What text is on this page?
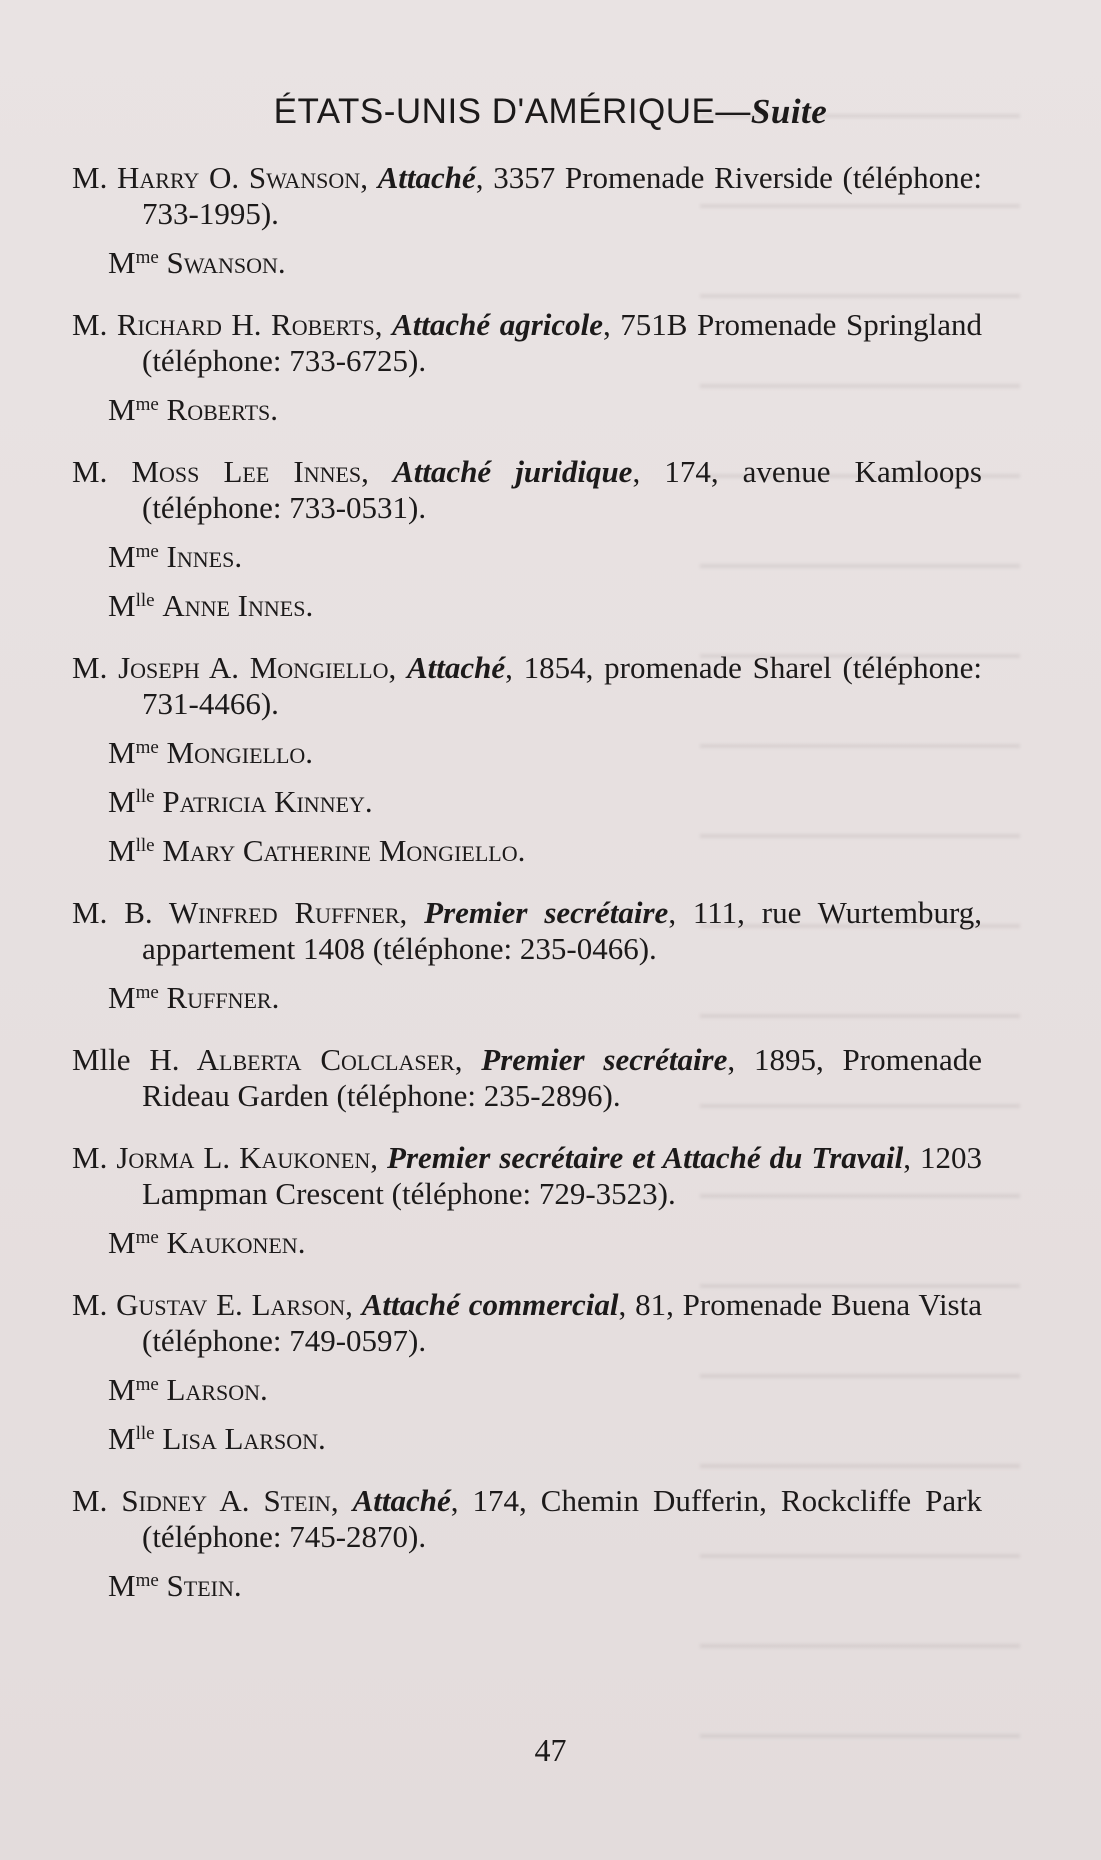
ÉTATS-UNIS D'AMÉRIQUE—Suite
M. Harry O. Swanson, Attaché, 3357 Promenade Riverside (téléphone: 733-1995).
$M^{me}$ Swanson.
M. Richard H. Roberts, Attaché agricole, 751B Promenade Springland (téléphone: 733-6725).
$M^{me}$ Roberts.
M. Moss Lee Innes, Attaché juridique, 174, avenue Kamloops (téléphone: 733-0531).
$M^{me}$ Innes.
$M^{lle}$ Anne Innes.
M. Joseph A. Mongiello, Attaché, 1854, promenade Sharel (téléphone: 731-4466).
$M^{me}$ Mongiello.
$M^{lle}$ Patricia Kinney.
$M^{lle}$ Mary Catherine Mongiello.
M. B. Winfred Ruffner, Premier secrétaire, 111, rue Wurtemburg, appartement 1408 (téléphone: 235-0466).
$M^{me}$ Ruffner.
Mlle H. Alberta Colclaser, Premier secrétaire, 1895, Promenade Rideau Garden (téléphone: 235-2896).
M. Jorma L. Kaukonen, Premier secrétaire et Attaché du Travail, 1203 Lampman Crescent (téléphone: 729-3523).
$M^{me}$ Kaukonen.
M. Gustav E. Larson, Attaché commercial, 81, Promenade Buena Vista (téléphone: 749-0597).
$M^{me}$ Larson.
$M^{lle}$ Lisa Larson.
M. Sidney A. Stein, Attaché, 174, Chemin Dufferin, Rockcliffe Park (téléphone: 745-2870).
$M^{me}$ Stein.
47
